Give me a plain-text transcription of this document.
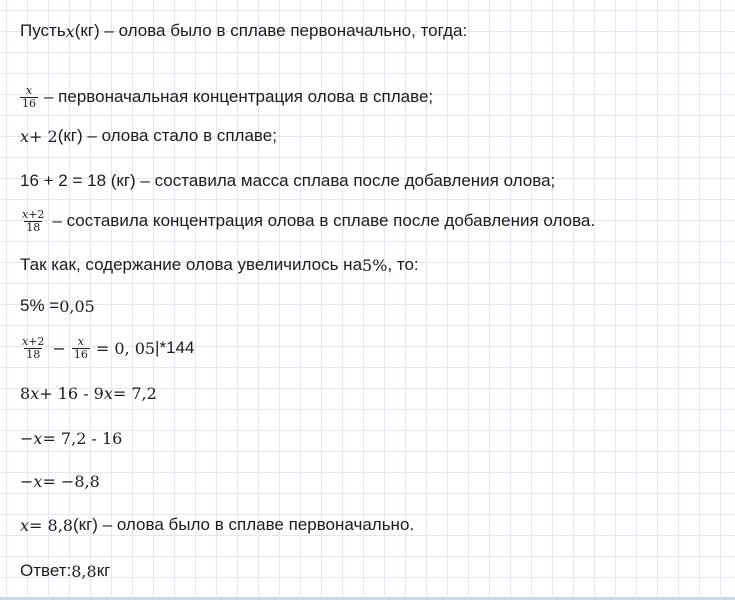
Пусть x (кг) – олова было в сплаве первоначально, тогда:
$\frac{x}{16}$ – первоначальная концентрация олова в сплаве;
x + 2 (кг) – олова стало в сплаве;
16 + 2 = 18 (кг) – составила масса сплава после добавления олова;
$\frac{x+2}{18}$ – составила концентрация олова в сплаве после добавления олова.
Так как, содержание олова увеличилось на 5% , то:
5% = 0,05
$\frac{x+2}{18} - \frac{x}{16} = 0$, 05 |*144
8 x + 16 - 9 x = 7,2
− x = 7,2 - 16
− x = −8,8
x = 8,8 (кг) – олова было в сплаве первоначально.
Ответ: 8,8 кг
